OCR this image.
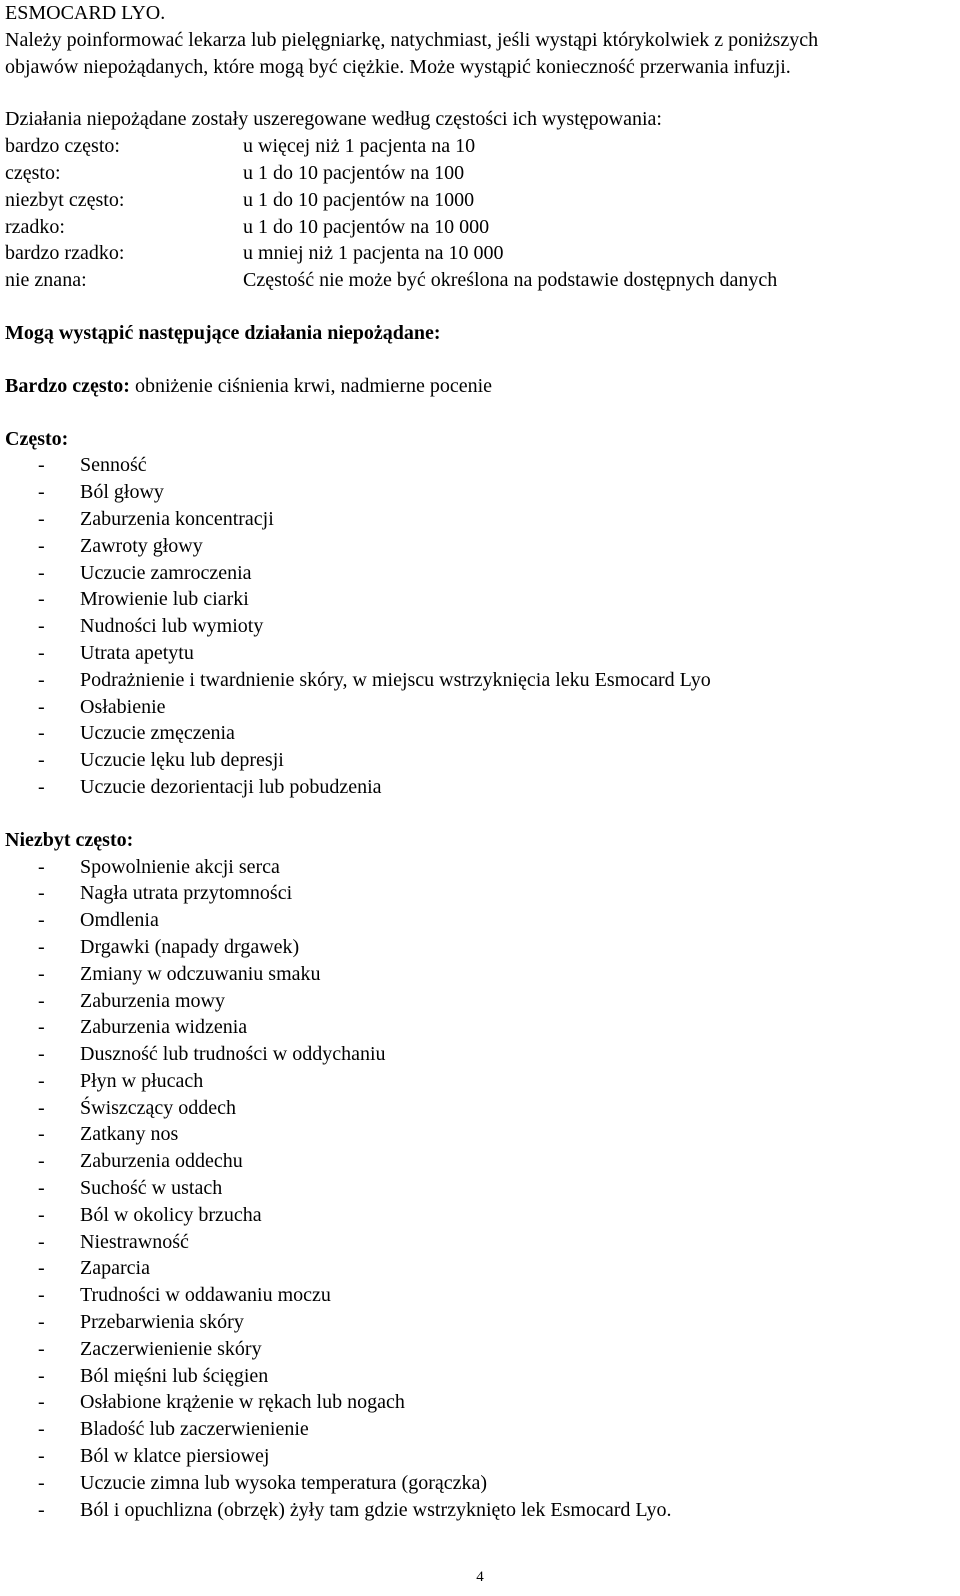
ESMOCARD LYO.
Należy poinformować lekarza lub pielęgniarkę, natychmiast, jeśli wystąpi którykolwiek z poniższych
objawów niepożądanych, które mogą być ciężkie. Może wystąpić konieczność przerwania infuzji.
Działania niepożądane zostały uszeregowane według częstości ich występowania:
bardzo często:	u więcej niż 1 pacjenta na 10
często:	u 1 do 10 pacjentów na 100
niezbyt często:	u 1 do 10 pacjentów na 1000
rzadko:	u 1 do 10 pacjentów na 10 000
bardzo rzadko:	u mniej niż 1 pacjenta na 10 000
nie znana:	Częstość nie może być określona na podstawie dostępnych danych
Mogą wystąpić następujące działania niepożądane:
Bardzo często: obniżenie ciśnienia krwi, nadmierne pocenie
Często:
-	Senność
-	Ból głowy
-	Zaburzenia koncentracji
-	Zawroty głowy
-	Uczucie zamroczenia
-	Mrowienie lub ciarki
-	Nudności lub wymioty
-	Utrata apetytu
-	Podrażnienie i twardnienie skóry, w miejscu wstrzyknięcia leku Esmocard Lyo
-	Osłabienie
-	Uczucie zmęczenia
-	Uczucie lęku lub depresji
-	Uczucie dezorientacji lub pobudzenia
Niezbyt często:
-	Spowolnienie akcji serca
-	Nagła utrata przytomności
-	Omdlenia
-	Drgawki (napady drgawek)
-	Zmiany w odczuwaniu smaku
-	Zaburzenia mowy
-	Zaburzenia widzenia
-	Duszność lub trudności w oddychaniu
-	Płyn w płucach
-	Świszczący oddech
-	Zatkany nos
-	Zaburzenia oddechu
-	Suchość w ustach
-	Ból w okolicy brzucha
-	Niestrawność
-	Zaparcia
-	Trudności w oddawaniu moczu
-	Przebarwienia skóry
-	Zaczerwienienie skóry
-	Ból mięśni lub ścięgien
-	Osłabione krążenie w rękach lub nogach
-	Bladość lub zaczerwienienie
-	Ból w klatce piersiowej
-	Uczucie zimna lub wysoka temperatura (gorączka)
-	Ból i opuchlizna (obrzęk) żyły tam gdzie wstrzyknięto lek Esmocard Lyo.
4
